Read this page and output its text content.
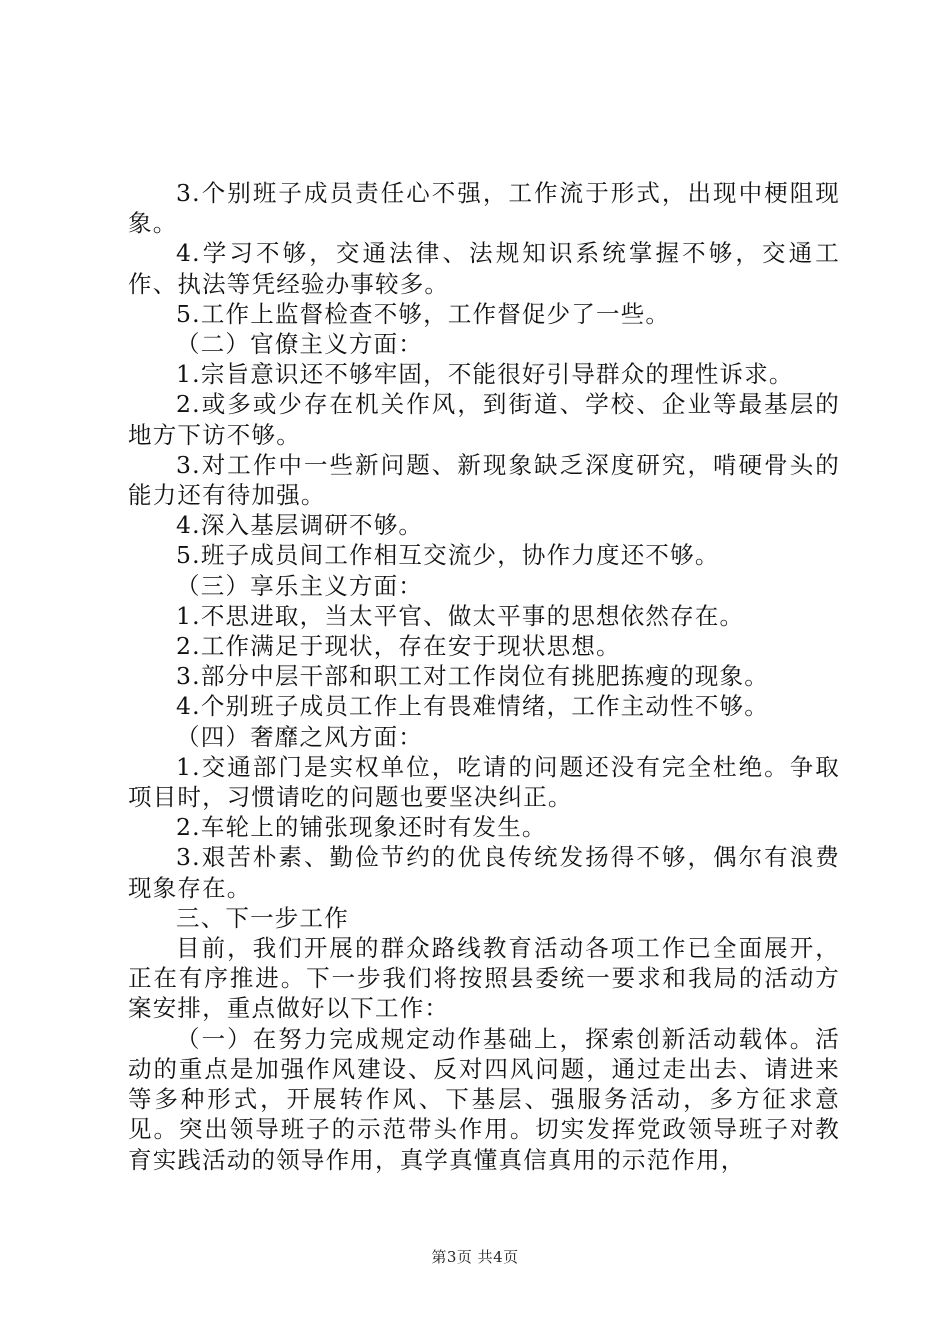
3.个别班子成员责任心不强，工作流于形式，出现中梗阻现象。

4.学习不够，交通法律、法规知识系统掌握不够，交通工作、执法等凭经验办事较多。

5.工作上监督检查不够，工作督促少了一些。

（二）官僚主义方面：

1.宗旨意识还不够牢固，不能很好引导群众的理性诉求。

2.或多或少存在机关作风，到街道、学校、企业等最基层的地方下访不够。

3.对工作中一些新问题、新现象缺乏深度研究，啃硬骨头的能力还有待加强。

4.深入基层调研不够。

5.班子成员间工作相互交流少，协作力度还不够。

（三）享乐主义方面：

1.不思进取，当太平官、做太平事的思想依然存在。

2.工作满足于现状，存在安于现状思想。

3.部分中层干部和职工对工作岗位有挑肥拣瘦的现象。

4.个别班子成员工作上有畏难情绪，工作主动性不够。

（四）奢靡之风方面：

1.交通部门是实权单位，吃请的问题还没有完全杜绝。争取项目时，习惯请吃的问题也要坚决纠正。

2.车轮上的铺张现象还时有发生。

3.艰苦朴素、勤俭节约的优良传统发扬得不够，偶尔有浪费现象存在。

三、下一步工作

目前，我们开展的群众路线教育活动各项工作已全面展开，正在有序推进。下一步我们将按照县委统一要求和我局的活动方案安排，重点做好以下工作：

（一）在努力完成规定动作基础上，探索创新活动载体。活动的重点是加强作风建设、反对四风问题，通过走出去、请进来等多种形式，开展转作风、下基层、强服务活动，多方征求意见。突出领导班子的示范带头作用。切实发挥党政领导班子对教育实践活动的领导作用，真学真懂真信真用的示范作用，

第3页 共4页
